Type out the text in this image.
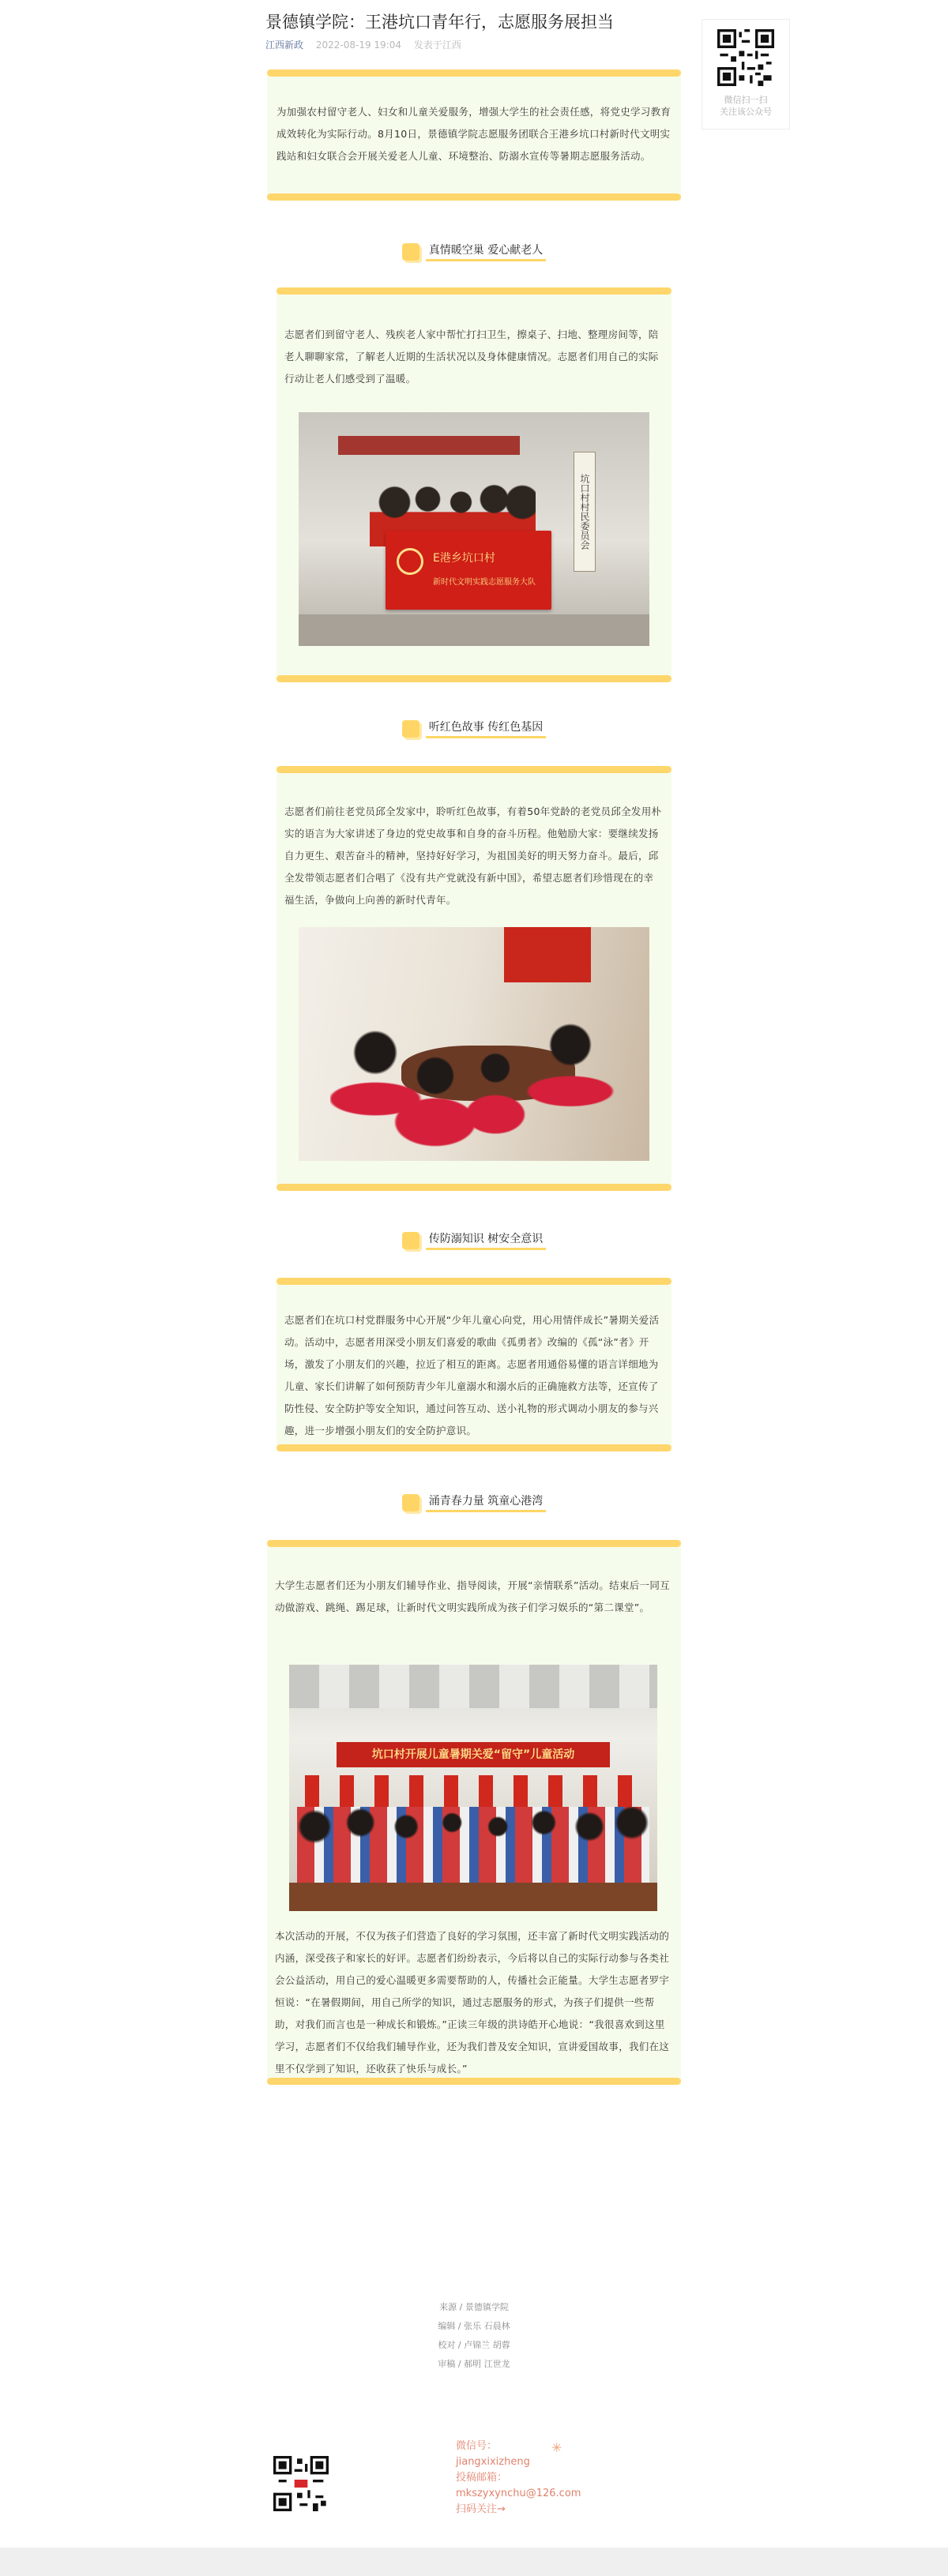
景德镇学院：王港坑口青年行，志愿服务展担当
江西新政 2022-08-19 19:04 发表于江西
微信扫一扫
关注该公众号
为加强农村留守老人、妇女和儿童关爱服务，增强大学生的社会责任感，将党史学习教育成效转化为实际行动。8月10日，景德镇学院志愿服务团联合王港乡坑口村新时代文明实践站和妇女联合会开展关爱老人儿童、环境整治、防溺水宣传等暑期志愿服务活动。
真情暖空巢 爱心献老人
志愿者们到留守老人、残疾老人家中帮忙打扫卫生，擦桌子、扫地、整理房间等，陪老人聊聊家常，了解老人近期的生活状况以及身体健康情况。志愿者们用自己的实际行动让老人们感受到了温暖。
坑口村村民委员会
E港乡坑口村
新时代文明实践志愿服务大队
听红色故事 传红色基因
志愿者们前往老党员邱全发家中，聆听红色故事，有着50年党龄的老党员邱全发用朴实的语言为大家讲述了身边的党史故事和自身的奋斗历程。他勉励大家：要继续发扬自力更生、艰苦奋斗的精神，坚持好好学习，为祖国美好的明天努力奋斗。最后，邱全发带领志愿者们合唱了《没有共产党就没有新中国》，希望志愿者们珍惜现在的幸福生活，争做向上向善的新时代青年。
传防溺知识 树安全意识
志愿者们在坑口村党群服务中心开展“少年儿童心向党，用心用情伴成长”暑期关爱活动。活动中，志愿者用深受小朋友们喜爱的歌曲《孤勇者》改编的《孤“泳”者》开场，激发了小朋友们的兴趣，拉近了相互的距离。志愿者用通俗易懂的语言详细地为儿童、家长们讲解了如何预防青少年儿童溺水和溺水后的正确施救方法等，还宣传了防性侵、安全防护等安全知识，通过问答互动、送小礼物的形式调动小朋友的参与兴趣，进一步增强小朋友们的安全防护意识。
涌青春力量 筑童心港湾
大学生志愿者们还为小朋友们辅导作业、指导阅读，开展“亲情联系”活动。结束后一同互动做游戏、跳绳、踢足球，让新时代文明实践所成为孩子们学习娱乐的“第二课堂”。
坑口村开展儿童暑期关爱“留守”儿童活动
本次活动的开展，不仅为孩子们营造了良好的学习氛围，还丰富了新时代文明实践活动的内涵，深受孩子和家长的好评。志愿者们纷纷表示，今后将以自己的实际行动参与各类社会公益活动，用自己的爱心温暖更多需要帮助的人，传播社会正能量。大学生志愿者罗宇恒说：“在暑假期间，用自己所学的知识，通过志愿服务的形式，为孩子们提供一些帮助，对我们而言也是一种成长和锻炼。”正读三年级的洪诗皓开心地说：“我很喜欢到这里学习，志愿者们不仅给我们辅导作业，还为我们普及安全知识，宣讲爱国故事，我们在这里不仅学到了知识，还收获了快乐与成长。”
来源 / 景德镇学院
编辑 / 张乐 石晨林
校对 / 卢锦兰 胡蓉
审稿 / 郝明 江世龙
微信号：
jiangxixizheng
投稿邮箱：
mkszyxynchu@126.com
扫码关注→
✳
